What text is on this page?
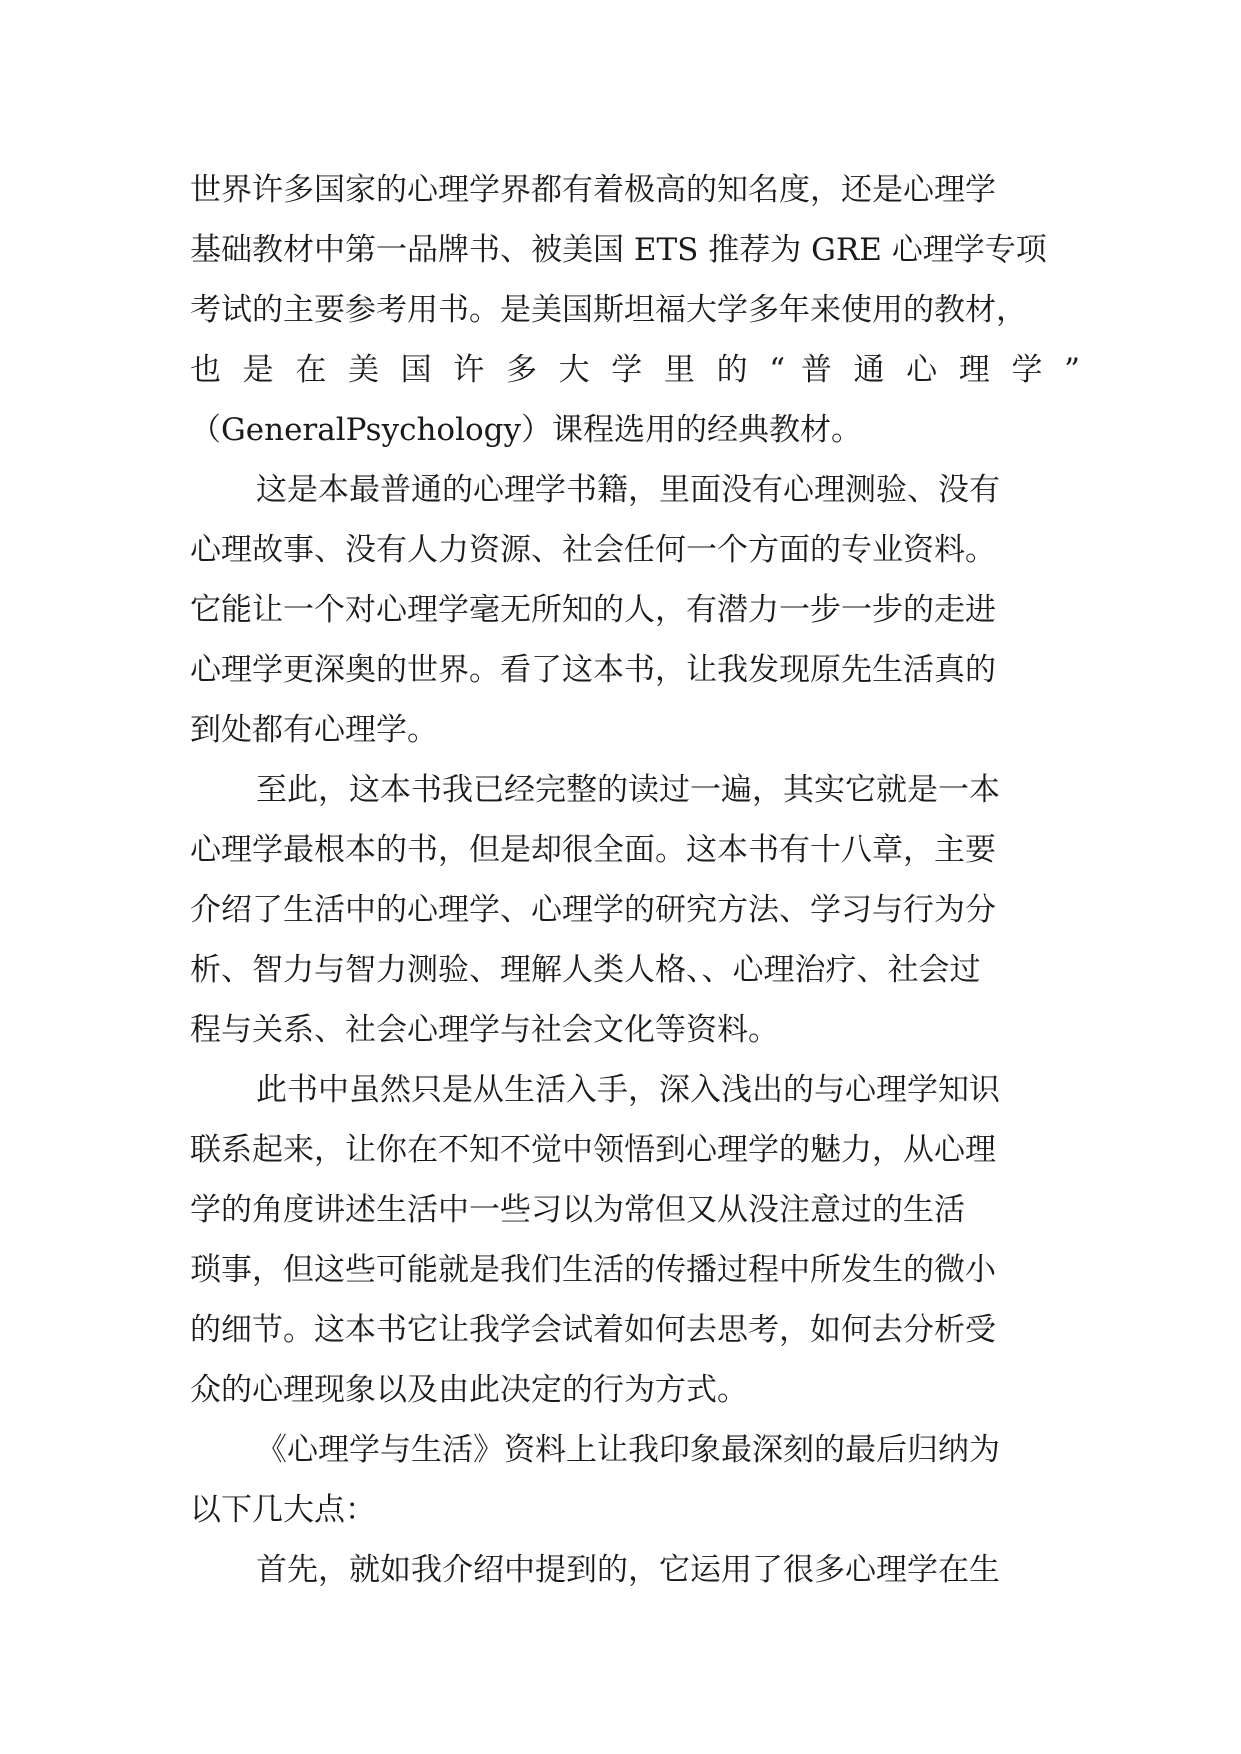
世界许多国家的心理学界都有着极高的知名度，还是心理学
基础教材中第一品牌书、被美国 ETS 推荐为 GRE 心理学专项
考试的主要参考用书。是美国斯坦福大学多年来使用的教材，
也 是 在 美 国 许 多 大 学 里 的 “ 普 通 心 理 学 ”
（GeneralPsychology）课程选用的经典教材。
这是本最普通的心理学书籍，里面没有心理测验、没有
心理故事、没有人力资源、社会任何一个方面的专业资料。
它能让一个对心理学毫无所知的人，有潜力一步一步的走进
心理学更深奥的世界。看了这本书，让我发现原先生活真的
到处都有心理学。
至此，这本书我已经完整的读过一遍，其实它就是一本
心理学最根本的书，但是却很全面。这本书有十八章，主要
介绍了生活中的心理学、心理学的研究方法、学习与行为分
析、智力与智力测验、理解人类人格、、心理治疗、社会过
程与关系、社会心理学与社会文化等资料。
此书中虽然只是从生活入手，深入浅出的与心理学知识
联系起来，让你在不知不觉中领悟到心理学的魅力，从心理
学的角度讲述生活中一些习以为常但又从没注意过的生活
琐事，但这些可能就是我们生活的传播过程中所发生的微小
的细节。这本书它让我学会试着如何去思考，如何去分析受
众的心理现象以及由此决定的行为方式。
《心理学与生活》资料上让我印象最深刻的最后归纳为
以下几大点：
首先，就如我介绍中提到的，它运用了很多心理学在生
